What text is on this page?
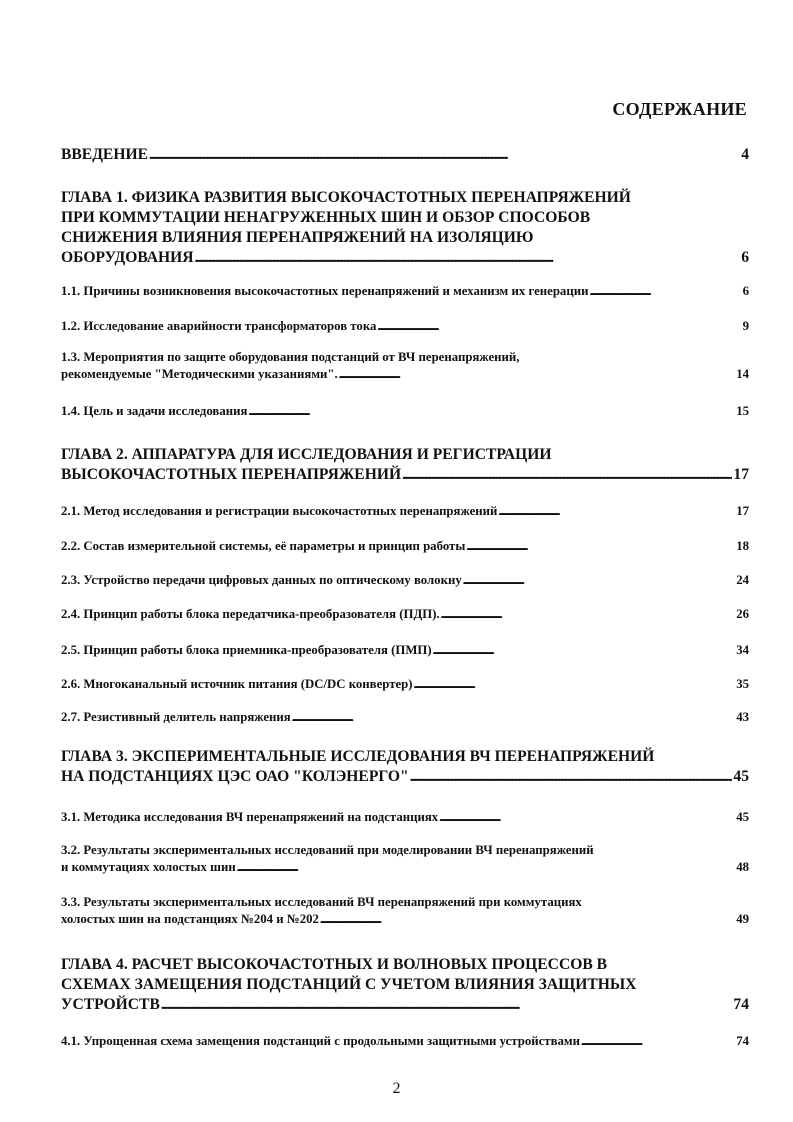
СОДЕРЖАНИЕ
ВВЕДЕНИЕ . . .	4
ГЛАВА 1. ФИЗИКА РАЗВИТИЯ ВЫСОКОЧАСТОТНЫХ ПЕРЕНАПРЯЖЕНИЙ
ПРИ КОММУТАЦИИ НЕНАГРУЖЕННЫХ ШИН И ОБЗОР СПОСОБОВ
СНИЖЕНИЯ ВЛИЯНИЯ ПЕРЕНАПРЯЖЕНИЙ НА ИЗОЛЯЦИЮ
ОБОРУДОВАНИЯ . . .	6
1.1. Причины возникновения высокочастотных перенапряжений и механизм их генерации . . .	6
1.2. Исследование аварийности трансформаторов тока . . .	9
1.3. Мероприятия по защите оборудования подстанций от ВЧ перенапряжений,
рекомендуемые "Методическими указаниями". . . .	14
1.4. Цель и задачи исследования . . .	15
ГЛАВА 2. АППАРАТУРА ДЛЯ ИССЛЕДОВАНИЯ И РЕГИСТРАЦИИ
ВЫСОКОЧАСТОТНЫХ ПЕРЕНАПРЯЖЕНИЙ . . .	17
2.1. Метод исследования и регистрации высокочастотных перенапряжений . . .	17
2.2. Состав измерительной системы, её параметры и принцип работы . . .	18
2.3. Устройство передачи цифровых данных по оптическому волокну . . .	24
2.4. Принцип работы блока передатчика-преобразователя (ПДП). . . .	26
2.5. Принцип работы блока приемника-преобразователя (ПМП) . . .	34
2.6. Многоканальный источник питания (DC/DC конвертер) . . .	35
2.7. Резистивный делитель напряжения . . .	43
ГЛАВА 3. ЭКСПЕРИМЕНТАЛЬНЫЕ ИССЛЕДОВАНИЯ ВЧ ПЕРЕНАПРЯЖЕНИЙ
НА ПОДСТАНЦИЯХ ЦЭС ОАО "КОЛЭНЕРГО" . . .	45
3.1. Методика исследования ВЧ перенапряжений на подстанциях . . .	45
3.2. Результаты экспериментальных исследований при моделировании ВЧ перенапряжений
и коммутациях холостых шин . . .	48
3.3. Результаты экспериментальных исследований ВЧ перенапряжений при коммутациях
холостых шин на подстанциях №204 и №202 . . .	49
ГЛАВА 4. РАСЧЕТ ВЫСОКОЧАСТОТНЫХ И ВОЛНОВЫХ ПРОЦЕССОВ В
СХЕМАХ ЗАМЕЩЕНИЯ ПОДСТАНЦИЙ С УЧЕТОМ ВЛИЯНИЯ ЗАЩИТНЫХ
УСТРОЙСТВ . . .	74
4.1. Упрощенная схема замещения подстанций с продольными защитными устройствами . . .	74
2
